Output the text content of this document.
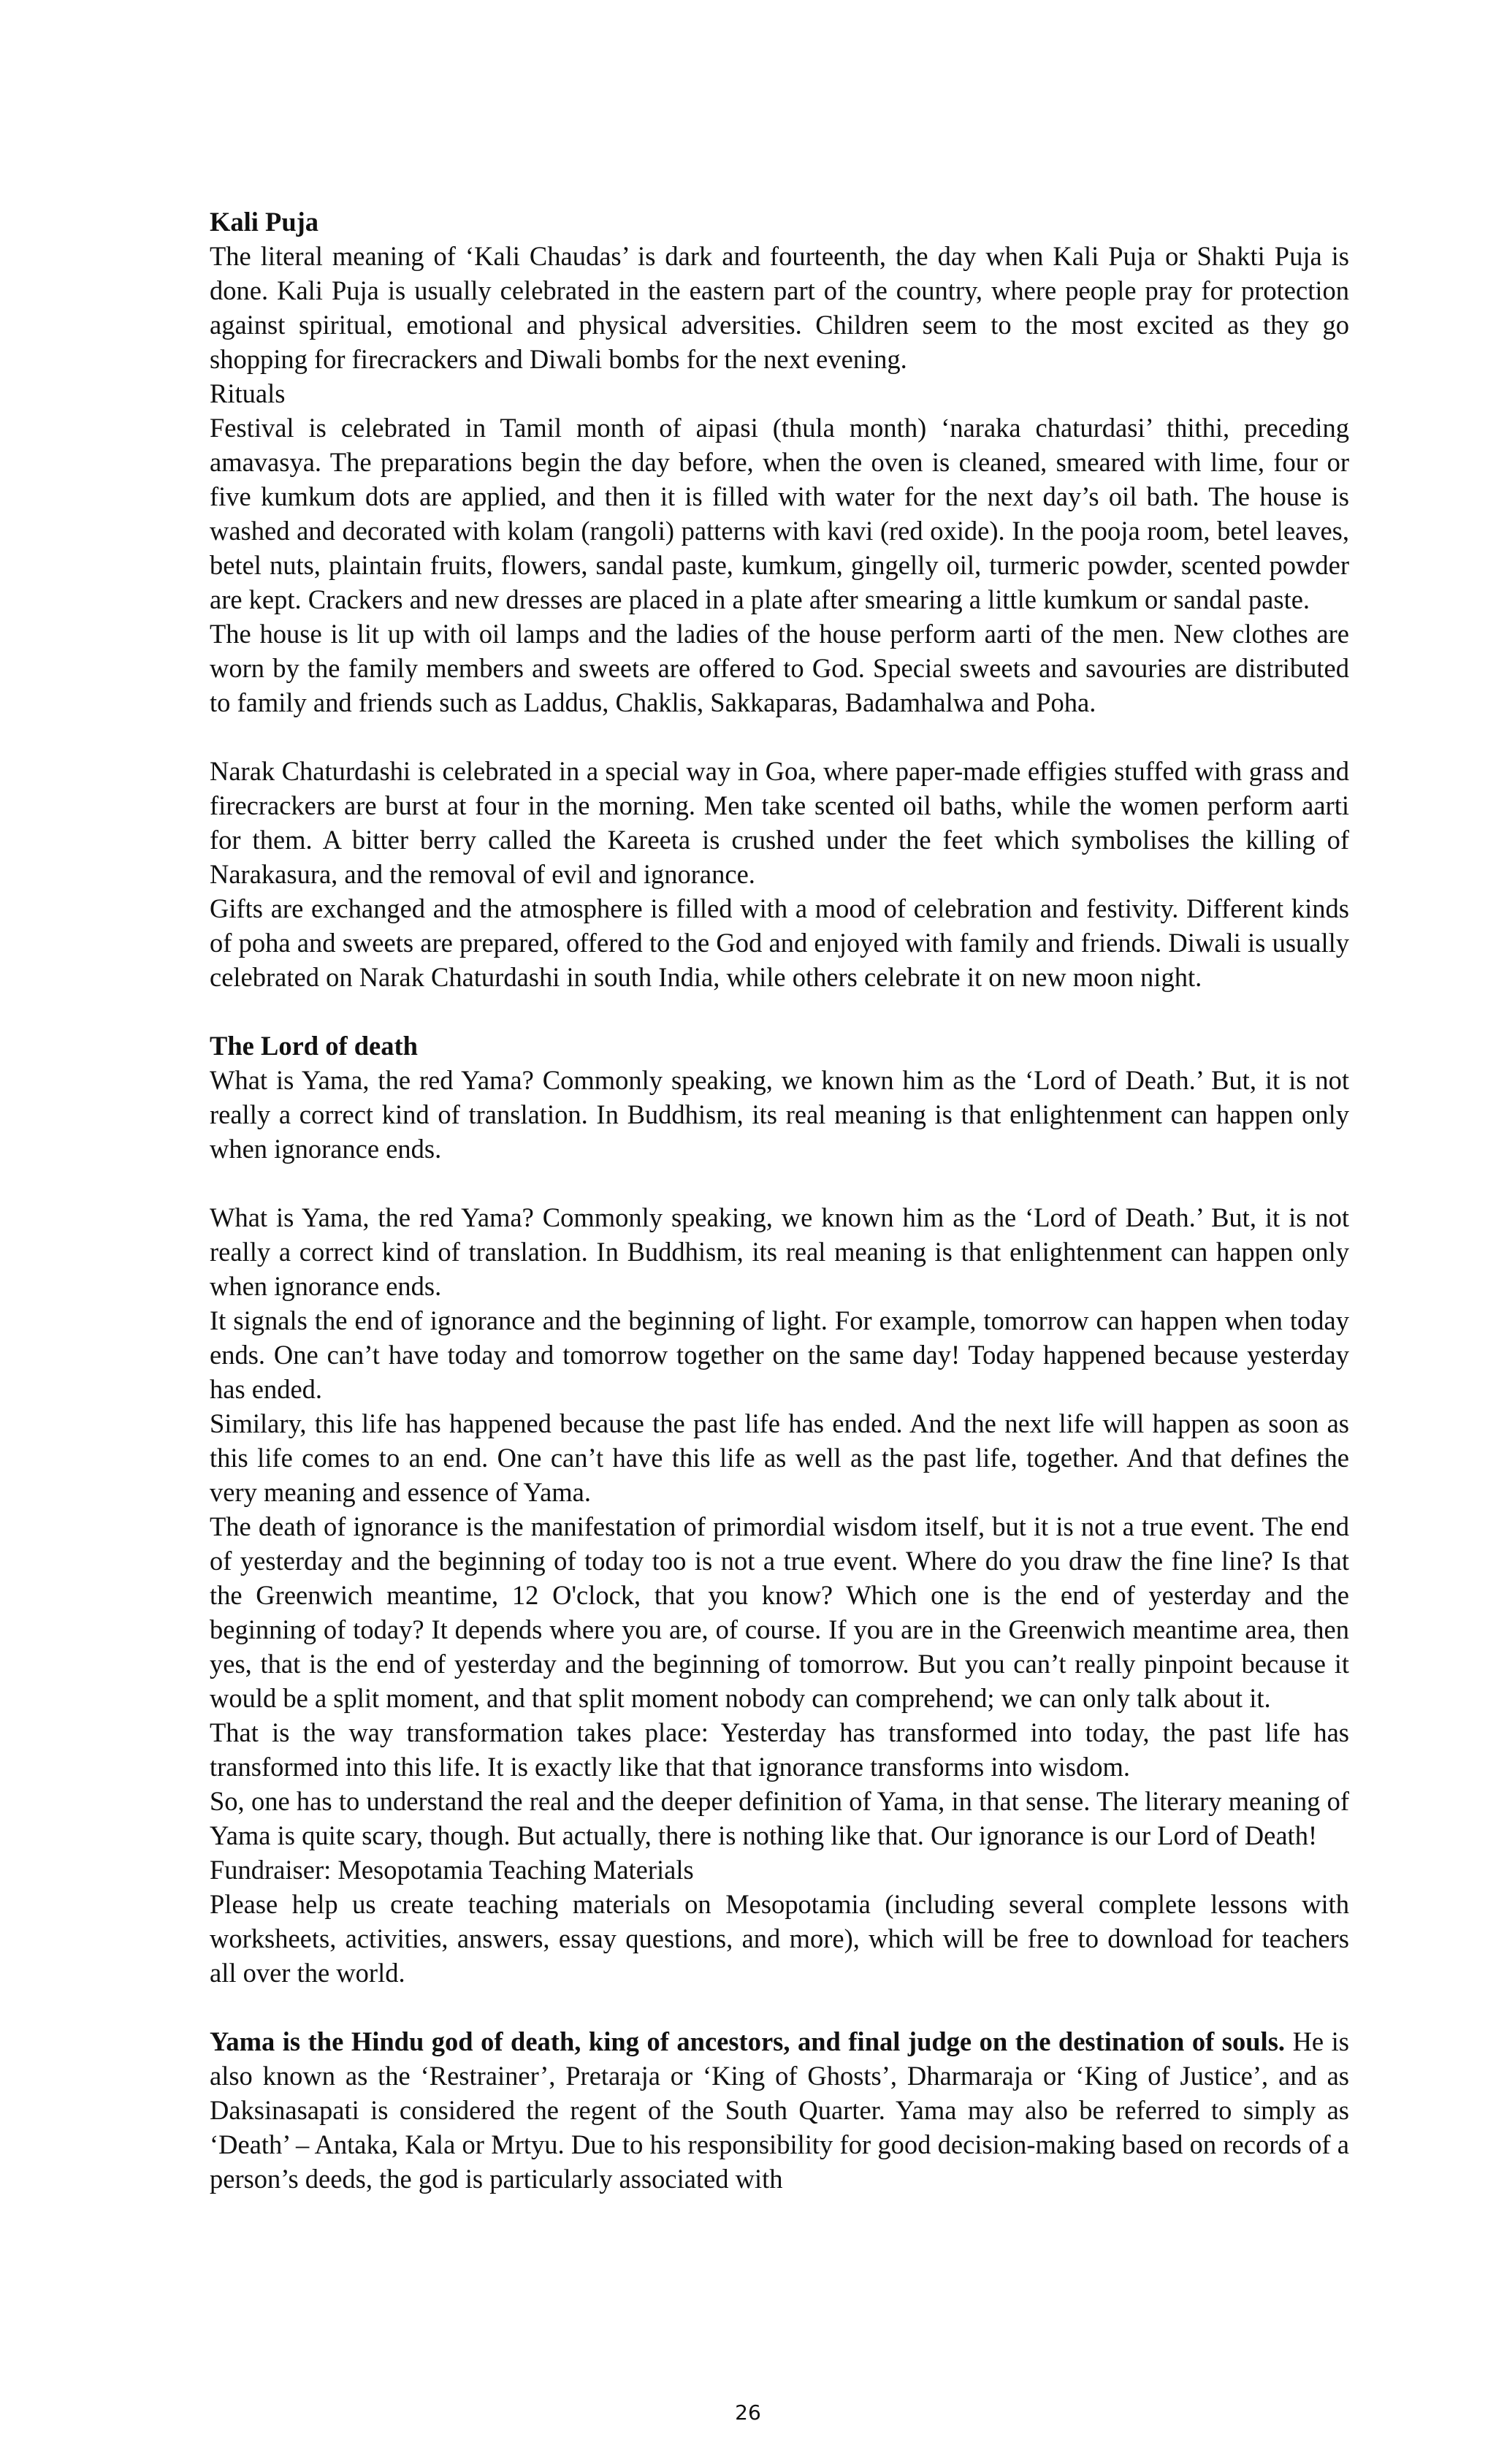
Kali Puja

The literal meaning of ‘Kali Chaudas’ is dark and fourteenth, the day when Kali Puja or Shakti Puja is done. Kali Puja is usually celebrated in the eastern part of the country, where people pray for protection against spiritual, emotional and physical adversities. Children seem to the most excited as they go shopping for firecrackers and Diwali bombs for the next evening.

Rituals

Festival is celebrated in Tamil month of aipasi (thula month) ‘naraka chaturdasi’ thithi, preceding amavasya. The preparations begin the day before, when the oven is cleaned, smeared with lime, four or five kumkum dots are applied, and then it is filled with water for the next day’s oil bath. The house is washed and decorated with kolam (rangoli) patterns with kavi (red oxide). In the pooja room, betel leaves, betel nuts, plaintain fruits, flowers, sandal paste, kumkum, gingelly oil, turmeric powder, scented powder are kept. Crackers and new dresses are placed in a plate after smearing a little kumkum or sandal paste.

The house is lit up with oil lamps and the ladies of the house perform aarti of the men. New clothes are worn by the family members and sweets are offered to God. Special sweets and savouries are distributed to family and friends such as Laddus, Chaklis, Sakkaparas, Badamhalwa and Poha.

Narak Chaturdashi is celebrated in a special way in Goa, where paper-made effigies stuffed with grass and firecrackers are burst at four in the morning. Men take scented oil baths, while the women perform aarti for them. A bitter berry called the Kareeta is crushed under the feet which symbolises the killing of Narakasura, and the removal of evil and ignorance.

Gifts are exchanged and the atmosphere is filled with a mood of celebration and festivity. Different kinds of poha and sweets are prepared, offered to the God and enjoyed with family and friends. Diwali is usually celebrated on Narak Chaturdashi in south India, while others celebrate it on new moon night.

The Lord of death

What is Yama, the red Yama? Commonly speaking, we known him as the ‘Lord of Death.’ But, it is not really a correct kind of translation. In Buddhism, its real meaning is that enlightenment can happen only when ignorance ends.

What is Yama, the red Yama? Commonly speaking, we known him as the ‘Lord of Death.’ But, it is not really a correct kind of translation. In Buddhism, its real meaning is that enlightenment can happen only when ignorance ends.

It signals the end of ignorance and the beginning of light. For example, tomorrow can happen when today ends. One can’t have today and tomorrow together on the same day! Today happened because yesterday has ended.

Similary, this life has happened because the past life has ended. And the next life will happen as soon as this life comes to an end. One can’t have this life as well as the past life, together. And that defines the very meaning and essence of Yama.

The death of ignorance is the manifestation of primordial wisdom itself, but it is not a true event. The end of yesterday and the beginning of today too is not a true event. Where do you draw the fine line? Is that the Greenwich meantime, 12 O'clock, that you know? Which one is the end of yesterday and the beginning of today? It depends where you are, of course. If you are in the Greenwich meantime area, then yes, that is the end of yesterday and the beginning of tomorrow. But you can’t really pinpoint because it would be a split moment, and that split moment nobody can comprehend; we can only talk about it.

That is the way transformation takes place: Yesterday has transformed into today, the past life has transformed into this life. It is exactly like that that ignorance transforms into wisdom.

So, one has to understand the real and the deeper definition of Yama, in that sense. The literary meaning of Yama is quite scary, though. But actually, there is nothing like that. Our ignorance is our Lord of Death!

Fundraiser: Mesopotamia Teaching Materials

Please help us create teaching materials on Mesopotamia (including several complete lessons with worksheets, activities, answers, essay questions, and more), which will be free to download for teachers all over the world.

Yama is the Hindu god of death, king of ancestors, and final judge on the destination of souls. He is also known as the ‘Restrainer’, Pretaraja or ‘King of Ghosts’, Dharmaraja or ‘King of Justice’, and as Daksinasapati is considered the regent of the South Quarter. Yama may also be referred to simply as ‘Death’ – Antaka, Kala or Mrtyu. Due to his responsibility for good decision-making based on records of a person’s deeds, the god is particularly associated with

26
